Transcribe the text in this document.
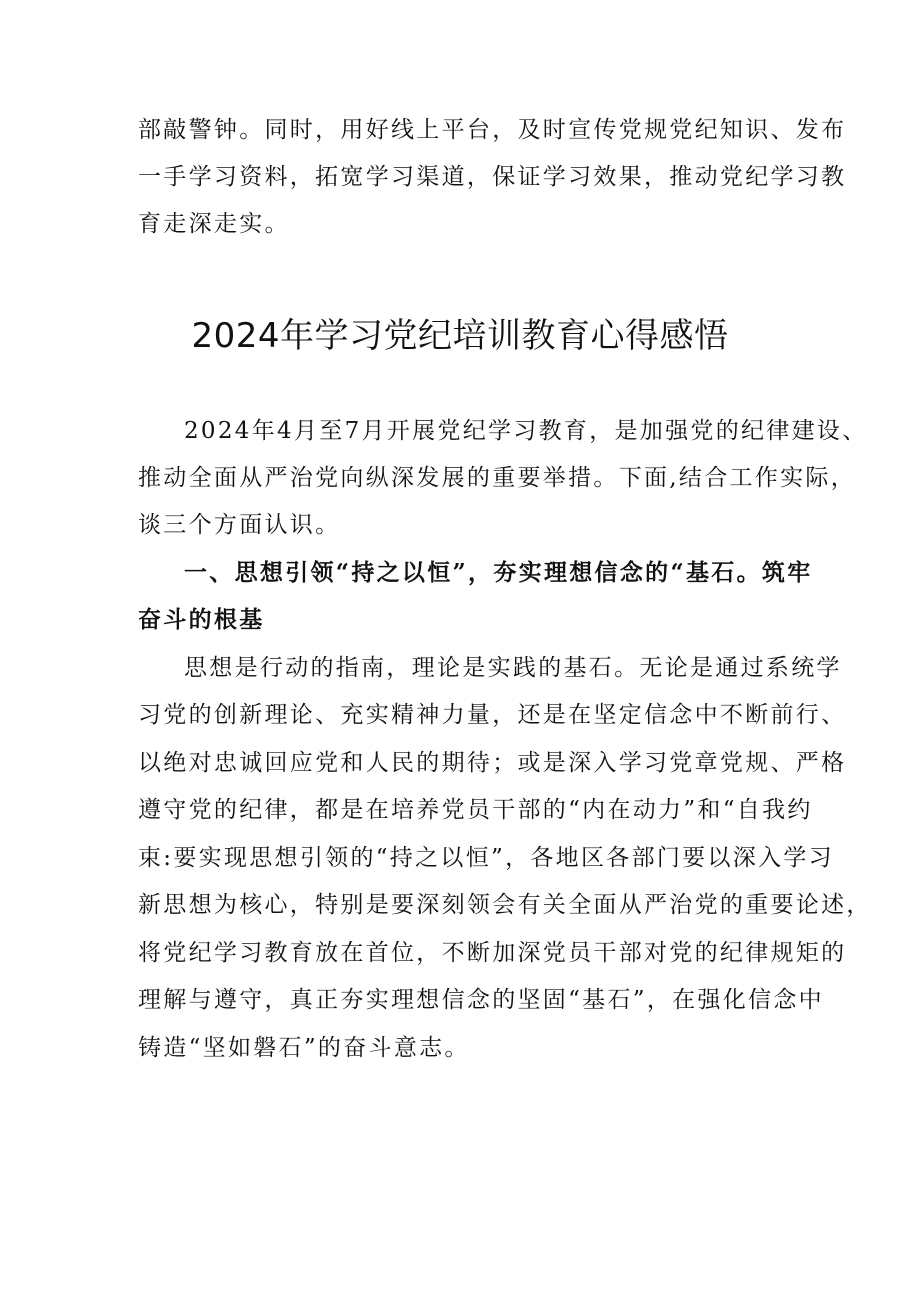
部敲警钟。同时，用好线上平台，及时宣传党规党纪知识、发布
一手学习资料，拓宽学习渠道，保证学习效果，推动党纪学习教
育走深走实。
2024年学习党纪培训教育心得感悟
2024年4月至7月开展党纪学习教育，是加强党的纪律建设、
推动全面从严治党向纵深发展的重要举措。下面,结合工作实际，
谈三个方面认识。
一、思想引领“持之以恒”，夯实理想信念的“基石。筑牢
奋斗的根基
思想是行动的指南，理论是实践的基石。无论是通过系统学
习党的创新理论、充实精神力量，还是在坚定信念中不断前行、
以绝对忠诚回应党和人民的期待；或是深入学习党章党规、严格
遵守党的纪律，都是在培养党员干部的“内在动力”和“自我约
束:要实现思想引领的“持之以恒”，各地区各部门要以深入学习
新思想为核心，特别是要深刻领会有关全面从严治党的重要论述，
将党纪学习教育放在首位，不断加深党员干部对党的纪律规矩的
理解与遵守，真正夯实理想信念的坚固“基石”，在强化信念中
铸造“坚如磐石”的奋斗意志。
